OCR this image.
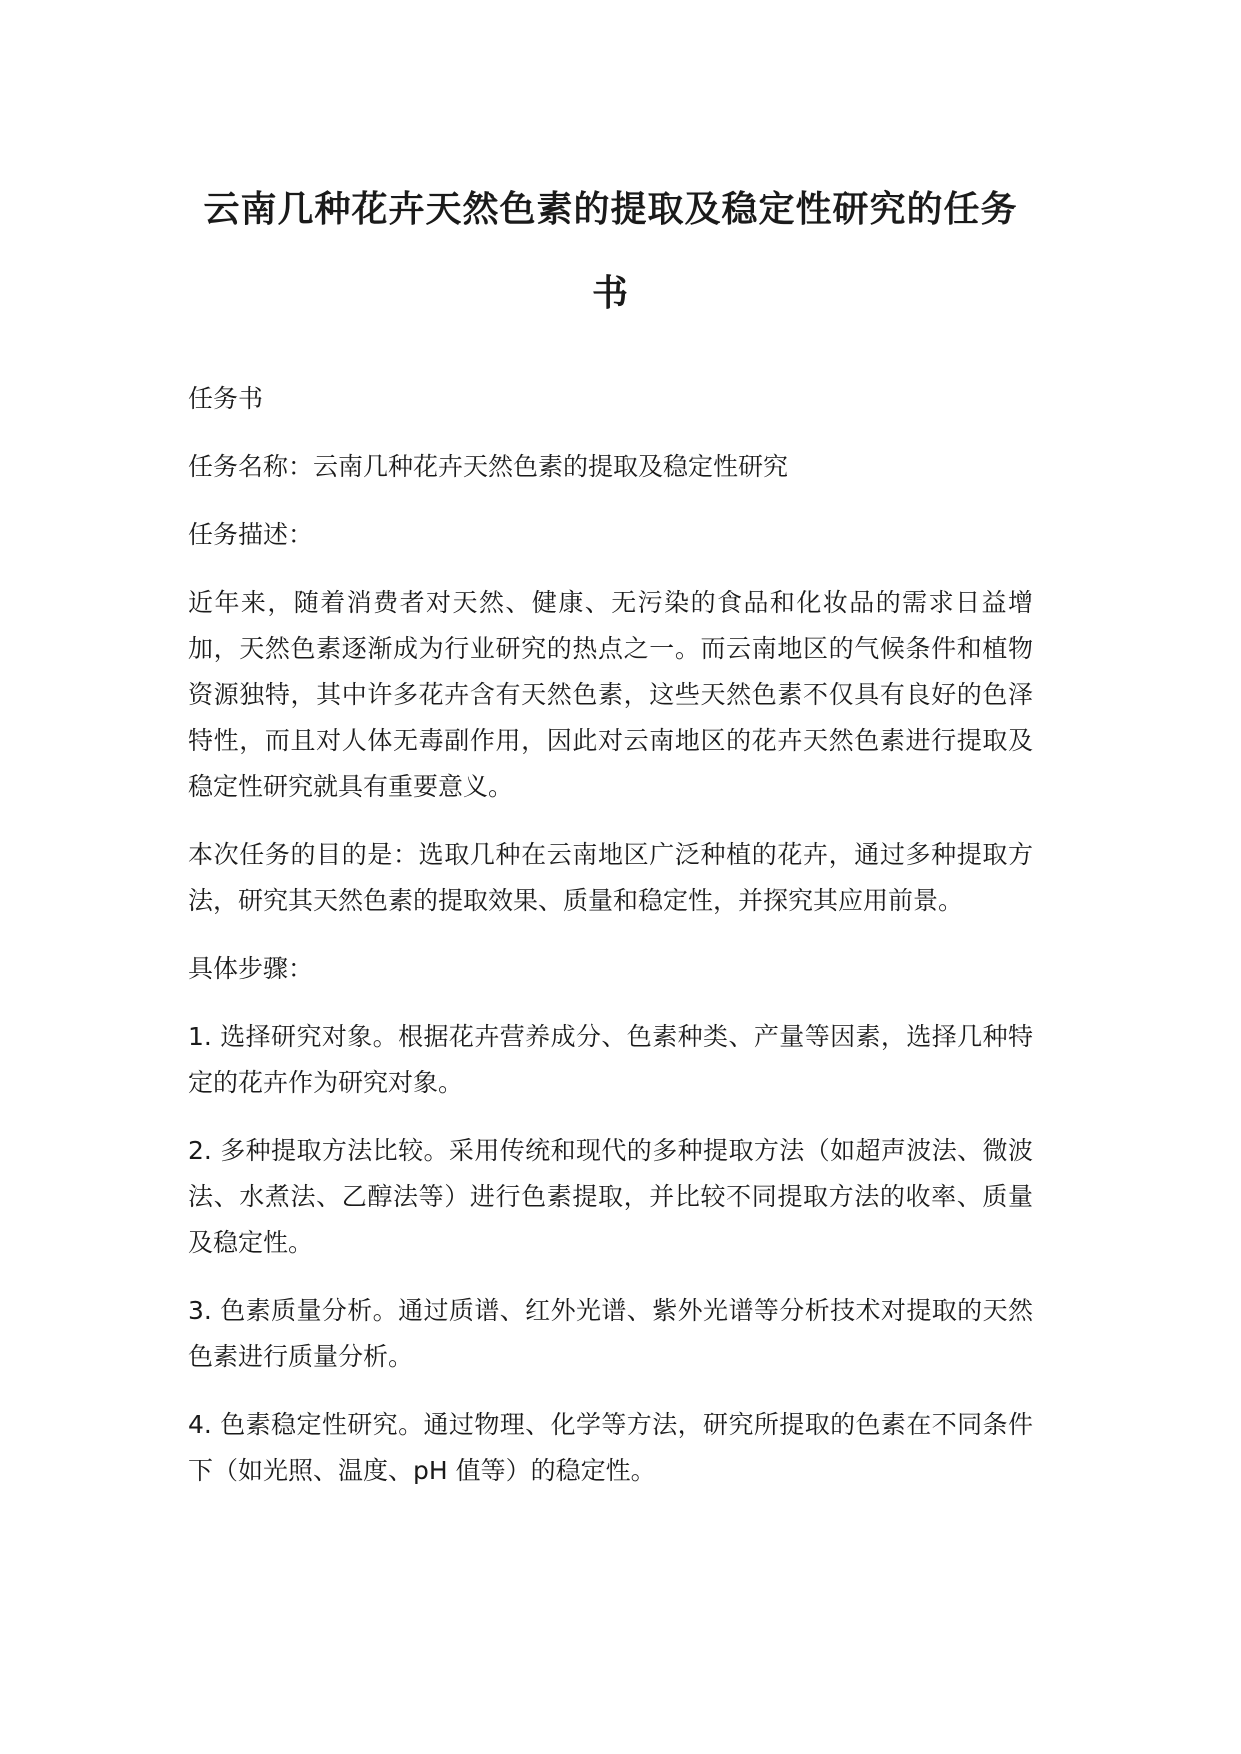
云南几种花卉天然色素的提取及稳定性研究的任务书

任务书

任务名称：云南几种花卉天然色素的提取及稳定性研究

任务描述：

近年来，随着消费者对天然、健康、无污染的食品和化妆品的需求日益增加，天然色素逐渐成为行业研究的热点之一。而云南地区的气候条件和植物资源独特，其中许多花卉含有天然色素，这些天然色素不仅具有良好的色泽特性，而且对人体无毒副作用，因此对云南地区的花卉天然色素进行提取及稳定性研究就具有重要意义。

本次任务的目的是：选取几种在云南地区广泛种植的花卉，通过多种提取方法，研究其天然色素的提取效果、质量和稳定性，并探究其应用前景。

具体步骤：

1. 选择研究对象。根据花卉营养成分、色素种类、产量等因素，选择几种特定的花卉作为研究对象。

2. 多种提取方法比较。采用传统和现代的多种提取方法（如超声波法、微波法、水煮法、乙醇法等）进行色素提取，并比较不同提取方法的收率、质量及稳定性。

3. 色素质量分析。通过质谱、红外光谱、紫外光谱等分析技术对提取的天然色素进行质量分析。

4. 色素稳定性研究。通过物理、化学等方法，研究所提取的色素在不同条件下（如光照、温度、pH 值等）的稳定性。
